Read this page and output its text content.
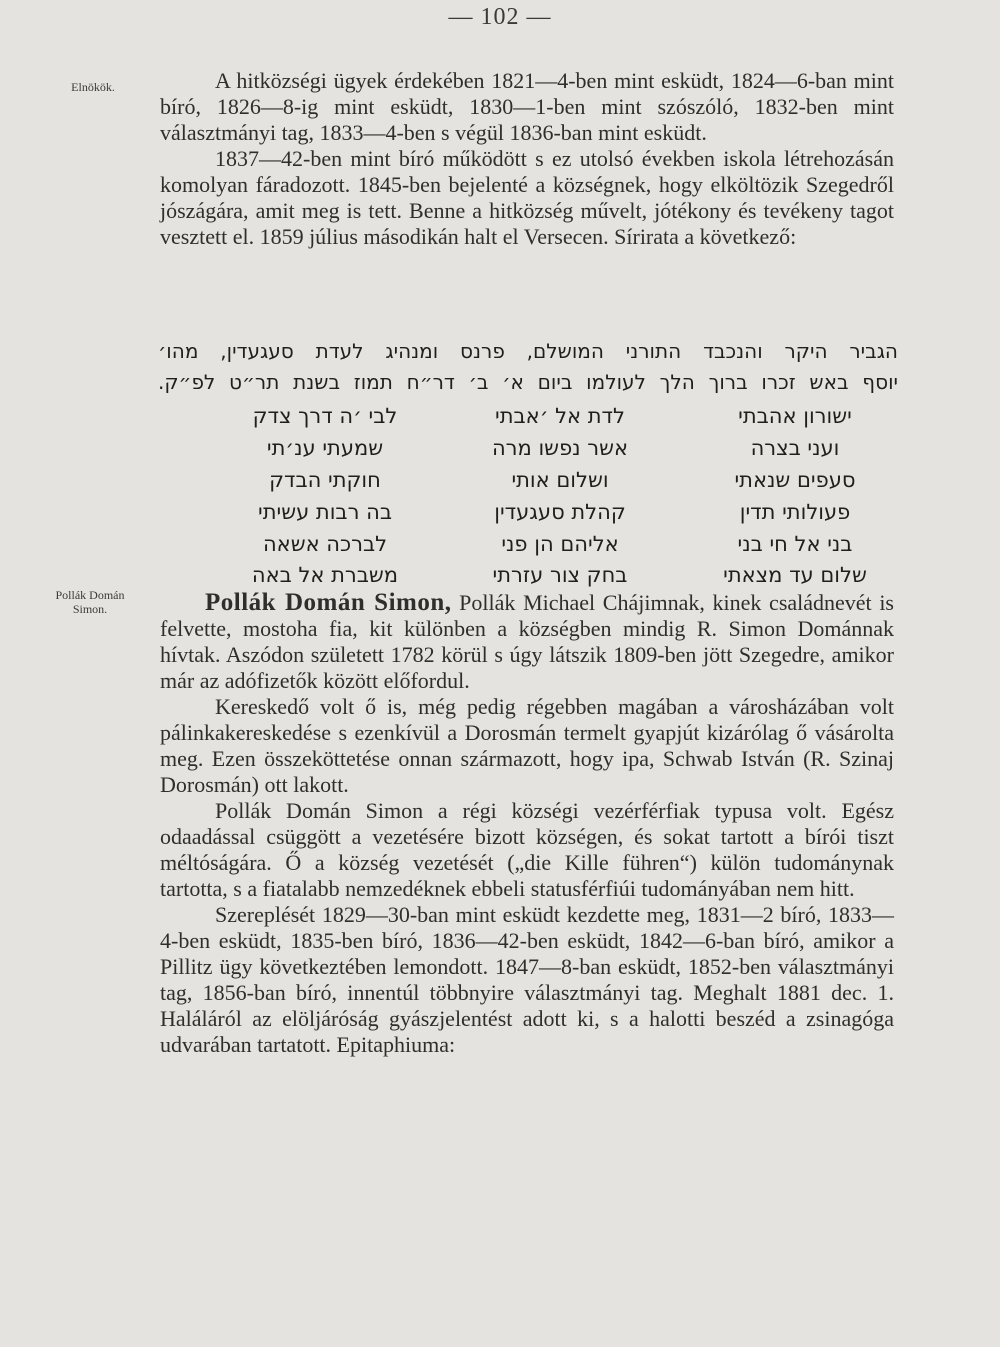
— 102 —
Elnökök.
Pollák Domán
Simon.

A hitközségi ügyek érdekében 1821—4-ben mint esküdt, 1824—6-ban mint bíró, 1826—8-ig mint esküdt, 1830—1-ben mint szószóló, 1832-ben mint választmányi tag, 1833—4-ben s végül 1836-ban mint esküdt.

1837—42-ben mint bíró működött s ez utolsó években iskola létrehozásán komolyan fáradozott. 1845-ben bejelenté a községnek, hogy elköltözik Szegedről jószágára, amit meg is tett. Benne a hitközség művelt, jótékony és tevékeny tagot vesztett el. 1859 július másodikán halt el Versecen. Sírirata a következő:

הגביר היקר והנכבד התורני המושלם, פרנס ומנהיג לעדת סעגעדין, מהו׳
יוסף באש זכרו ברוך הלך לעולמו ביום א׳ ב׳ דר״ח תמוז בשנת תר״ט לפ״ק.
ישורון אהבתי
לדת אל ׳אבתי
לבי ׳ה דרך צדק
ועני בצרה
אשר נפשו מרה
שמעתי ענ׳תי
סעפים שנאתי
ושלום אותי
חוקתי הבדק
פעולותי תדין
קהלת סעגעדין
בה רבות עשיתי
בני אל חי בני
אליהם הן פני
לברכה אשאה
שלום עד מצאתי
בחק צור עזרתי
משברת אל באה

Pollák Domán Simon, Pollák Michael Chájimnak, kinek családnevét is felvette, mostoha fia, kit különben a községben mindig R. Simon Dománnak hívtak. Aszódon született 1782 körül s úgy látszik 1809-ben jött Szegedre, amikor már az adófizetők között előfordul.

Kereskedő volt ő is, még pedig régebben magában a városházában volt pálinkakereskedése s ezenkívül a Dorosmán termelt gyapjút kizárólag ő vásárolta meg. Ezen összeköttetése onnan származott, hogy ipa, Schwab István (R. Szinaj Dorosmán) ott lakott.

Pollák Domán Simon a régi községi vezérférfiak typusa volt. Egész odaadással csüggött a vezetésére bizott községen, és sokat tartott a bírói tiszt méltóságára. Ő a község vezetését („die Kille führen“) külön tudománynak tartotta, s a fiatalabb nemzedéknek ebbeli statusférfiúi tudományában nem hitt.

Szereplését 1829—30-ban mint esküdt kezdette meg, 1831—2 bíró, 1833—4-ben esküdt, 1835-ben bíró, 1836—42-ben esküdt, 1842—6-ban bíró, amikor a Pillitz ügy következtében lemondott. 1847—8-ban esküdt, 1852-ben választmányi tag, 1856-ban bíró, innentúl többnyire választmányi tag. Meghalt 1881 dec. 1. Haláláról az elöljáróság gyászjelentést adott ki, s a halotti beszéd a zsinagóga udvarában tartatott. Epitaphiuma:
